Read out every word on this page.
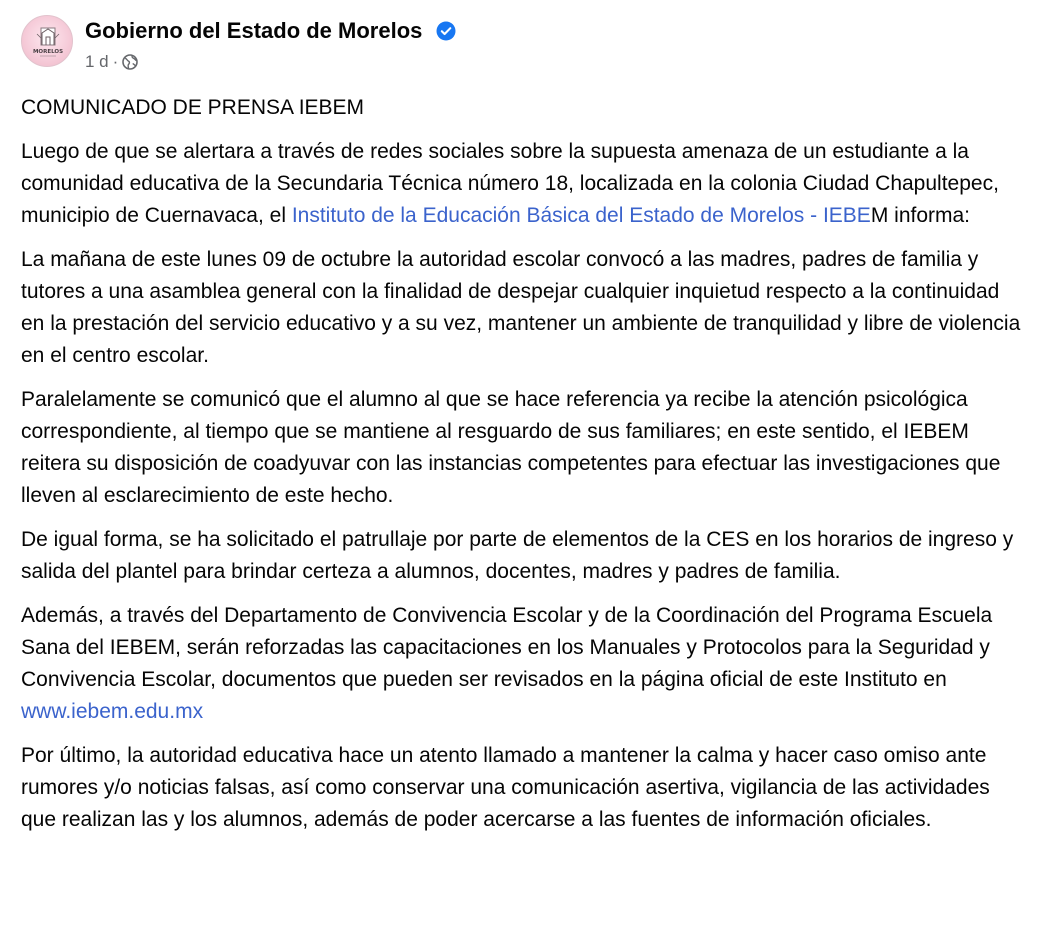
MORELOS
Gobierno del Estado de Morelos
1 d ·

COMUNICADO DE PRENSA IEBEM

Luego de que se alertara a través de redes sociales sobre la supuesta amenaza de un estudiante a la comunidad educativa de la Secundaria Técnica número 18, localizada en la colonia Ciudad Chapultepec, municipio de Cuernavaca, el Instituto de la Educación Básica del Estado de Morelos - IEBEM informa:

La mañana de este lunes 09 de octubre la autoridad escolar convocó a las madres, padres de familia y tutores a una asamblea general con la finalidad de despejar cualquier inquietud respecto a la continuidad en la prestación del servicio educativo y a su vez, mantener un ambiente de tranquilidad y libre de violencia en el centro escolar.

Paralelamente se comunicó que el alumno al que se hace referencia ya recibe la atención psicológica correspondiente, al tiempo que se mantiene al resguardo de sus familiares; en este sentido, el IEBEM reitera su disposición de coadyuvar con las instancias competentes para efectuar las investigaciones que lleven al esclarecimiento de este hecho.

De igual forma, se ha solicitado el patrullaje por parte de elementos de la CES en los horarios de ingreso y salida del plantel para brindar certeza a alumnos, docentes, madres y padres de familia.

Además, a través del Departamento de Convivencia Escolar y de la Coordinación del Programa Escuela Sana del IEBEM, serán reforzadas las capacitaciones en los Manuales y Protocolos para la Seguridad y Convivencia Escolar, documentos que pueden ser revisados en la página oficial de este Instituto en www.iebem.edu.mx

Por último, la autoridad educativa hace un atento llamado a mantener la calma y hacer caso omiso ante rumores y/o noticias falsas, así como conservar una comunicación asertiva, vigilancia de las actividades que realizan las y los alumnos, además de poder acercarse a las fuentes de información oficiales.
